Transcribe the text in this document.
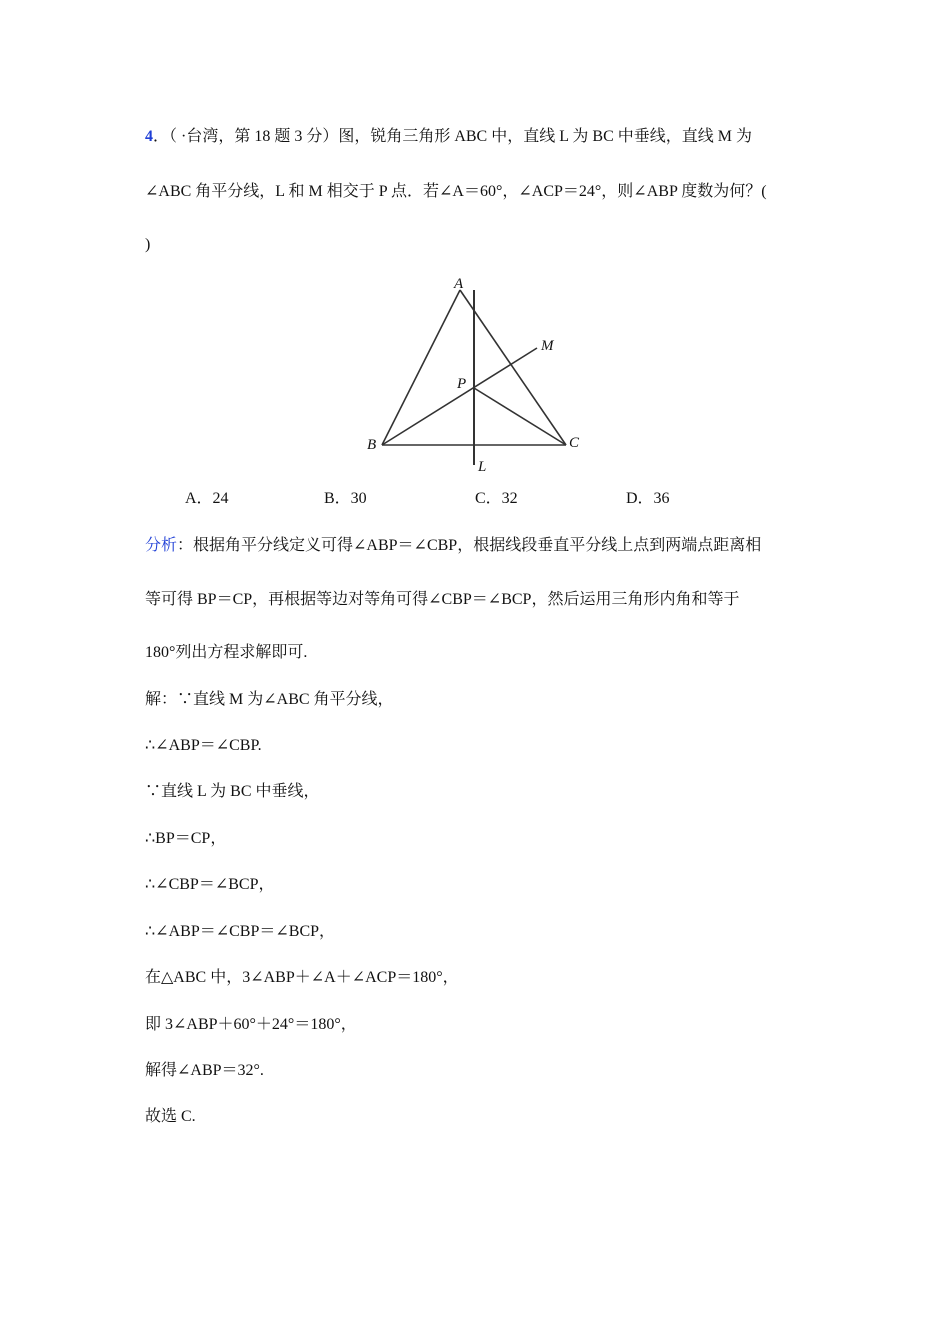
4．（ ·台湾，第 18 题 3 分）图，锐角三角形 ABC 中，直线 L 为 BC 中垂线，直线 M 为
∠ABC 角平分线，L 和 M 相交于 P 点．若∠A＝60°，∠ACP＝24°，则∠ABP 度数为何？(
)
A
B	C
P
M
L
A．24	B．30	C．32	D．36
分析：根据角平分线定义可得∠ABP＝∠CBP，根据线段垂直平分线上点到两端点距离相
等可得 BP＝CP，再根据等边对等角可得∠CBP＝∠BCP，然后运用三角形内角和等于
180°列出方程求解即可.
解：∵直线 M 为∠ABC 角平分线，
∴∠ABP＝∠CBP.
∵直线 L 为 BC 中垂线，
∴BP＝CP，
∴∠CBP＝∠BCP，
∴∠ABP＝∠CBP＝∠BCP，
在△ABC 中，3∠ABP＋∠A＋∠ACP＝180°，
即 3∠ABP＋60°＋24°＝180°，
解得∠ABP＝32°.
故选 C.
